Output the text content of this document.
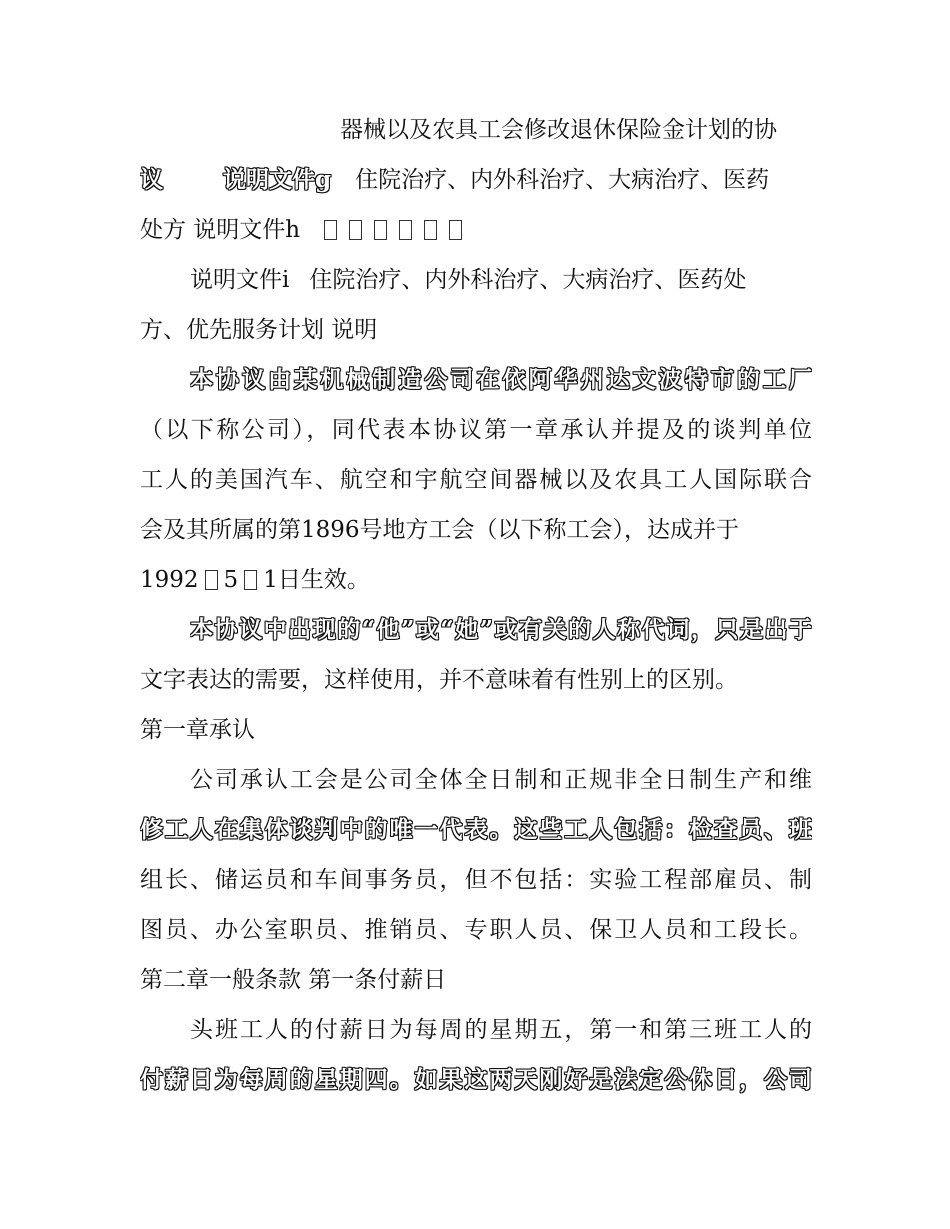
器械以及农具工会修改退休保险金计划的协
议	说明文件g 住院治疗、内外科治疗、大病治疗、医药
处方 说明文件h
说明文件i 住院治疗、内外科治疗、大病治疗、医药处
方、优先服务计划 说明
本协议由某机械制造公司在依阿华州达文波特市的工厂
（以下称公司），同代表本协议第一章承认并提及的谈判单位
工人的美国汽车、航空和宇航空间器械以及农具工人国际联合
会及其所属的第1896号地方工会（以下称工会），达成并于
1992 5 1日生效。
本协议中出现的“他”或“她”或有关的人称代词，只是出于
文字表达的需要，这样使用，并不意味着有性别上的区别。
第一章承认
公司承认工会是公司全体全日制和正规非全日制生产和维
修工人在集体谈判中的唯一代表。这些工人包括：检查员、班
组长、储运员和车间事务员，但不包括：实验工程部雇员、制
图员、办公室职员、推销员、专职人员、保卫人员和工段长。
第二章一般条款 第一条付薪日
头班工人的付薪日为每周的星期五，第一和第三班工人的
付薪日为每周的星期四。如果这两天刚好是法定公休日，公司
